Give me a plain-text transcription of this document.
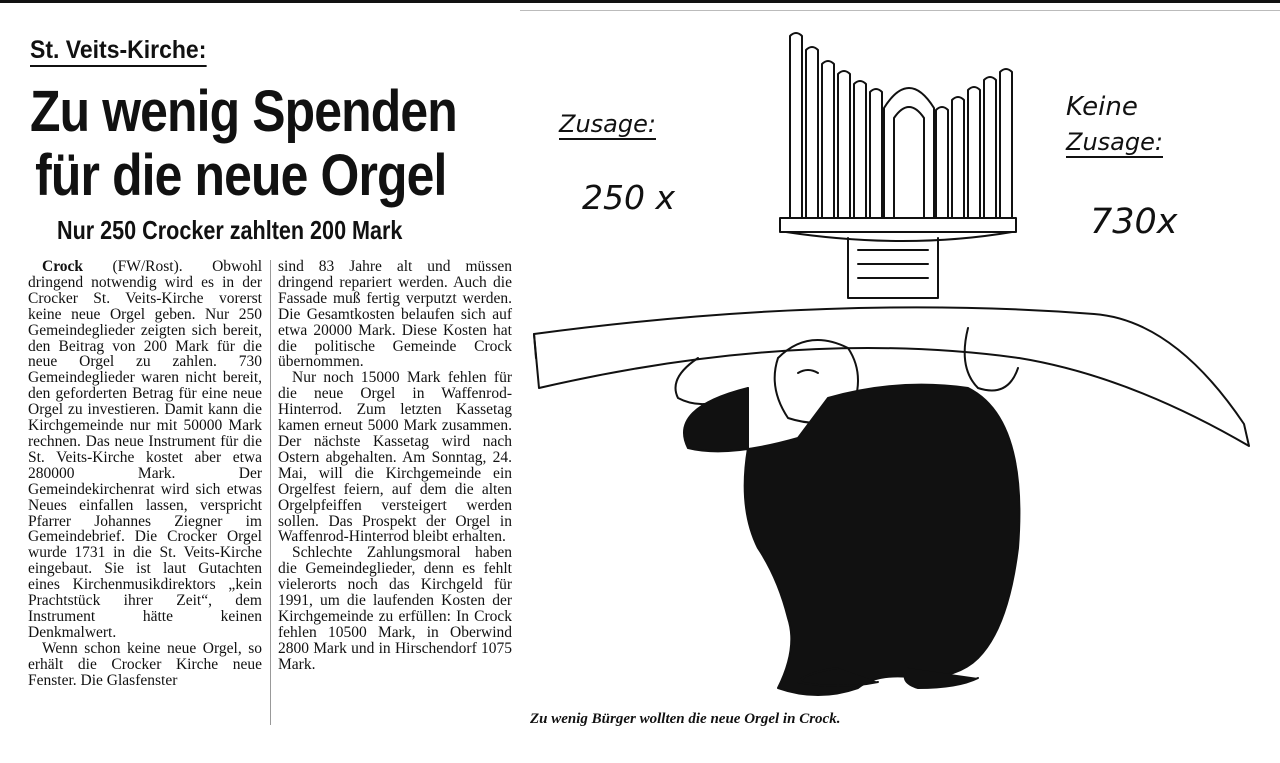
St. Veits-Kirche:
Zu wenig Spenden
für die neue Orgel
Nur 250 Crocker zahlten 200 Mark

Crock (FW/Rost). Obwohl dringend notwendig wird es in der Crocker St. Veits-Kirche vorerst keine neue Orgel geben. Nur 250 Gemeindeglieder zeigten sich bereit, den Beitrag von 200 Mark für die neue Orgel zu zahlen. 730 Gemeindeglieder waren nicht bereit, den geforderten Betrag für eine neue Orgel zu investieren. Damit kann die Kirchgemeinde nur mit 50000 Mark rechnen. Das neue Instrument für die St. Veits-Kirche kostet aber etwa 280000 Mark. Der Gemeindekirchenrat wird sich etwas Neues einfallen lassen, verspricht Pfarrer Johannes Ziegner im Gemeindebrief. Die Crocker Orgel wurde 1731 in die St. Veits-Kirche eingebaut. Sie ist laut Gutachten eines Kirchenmusikdirektors „kein Prachtstück ihrer Zeit“, dem Instrument hätte keinen Denkmalwert.

Wenn schon keine neue Orgel, so erhält die Crocker Kirche neue Fenster. Die Glasfenster

sind 83 Jahre alt und müssen dringend repariert werden. Auch die Fassade muß fertig verputzt werden. Die Gesamtkosten belaufen sich auf etwa 20000 Mark. Diese Kosten hat die politische Gemeinde Crock übernommen.

Nur noch 15000 Mark fehlen für die neue Orgel in Waffenrod-Hinterrod. Zum letzten Kassetag kamen erneut 5000 Mark zusammen. Der nächste Kassetag wird nach Ostern abgehalten. Am Sonntag, 24. Mai, will die Kirchgemeinde ein Orgelfest feiern, auf dem die alten Orgelpfeiffen versteigert werden sollen. Das Prospekt der Orgel in Waffenrod-Hinterrod bleibt erhalten.

Schlechte Zahlungsmoral haben die Gemeindeglieder, denn es fehlt vielerorts noch das Kirchgeld für 1991, um die laufenden Kosten der Kirchgemeinde zu erfüllen: In Crock fehlen 10500 Mark, in Oberwind 2800 Mark und in Hirschendorf 1075 Mark.

Zusage:
250 x
Keine
Zusage:
730x
Zu wenig Bürger wollten die neue Orgel in Crock.
